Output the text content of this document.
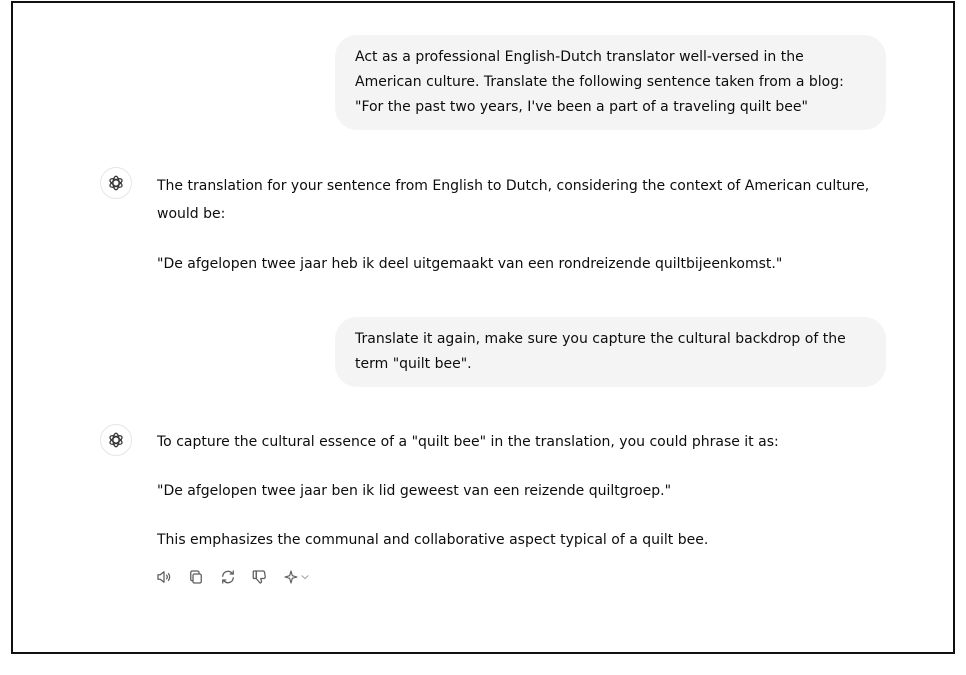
Act as a professional English-Dutch translator well-versed in the
American culture. Translate the following sentence taken from a blog:
"For the past two years, I've been a part of a traveling quilt bee"
The translation for your sentence from English to Dutch, considering the context of American culture, would be:
"De afgelopen twee jaar heb ik deel uitgemaakt van een rondreizende quiltbijeenkomst."
Translate it again, make sure you capture the cultural backdrop of the
term "quilt bee".
To capture the cultural essence of a "quilt bee" in the translation, you could phrase it as:
"De afgelopen twee jaar ben ik lid geweest van een reizende quiltgroep."
This emphasizes the communal and collaborative aspect typical of a quilt bee.
